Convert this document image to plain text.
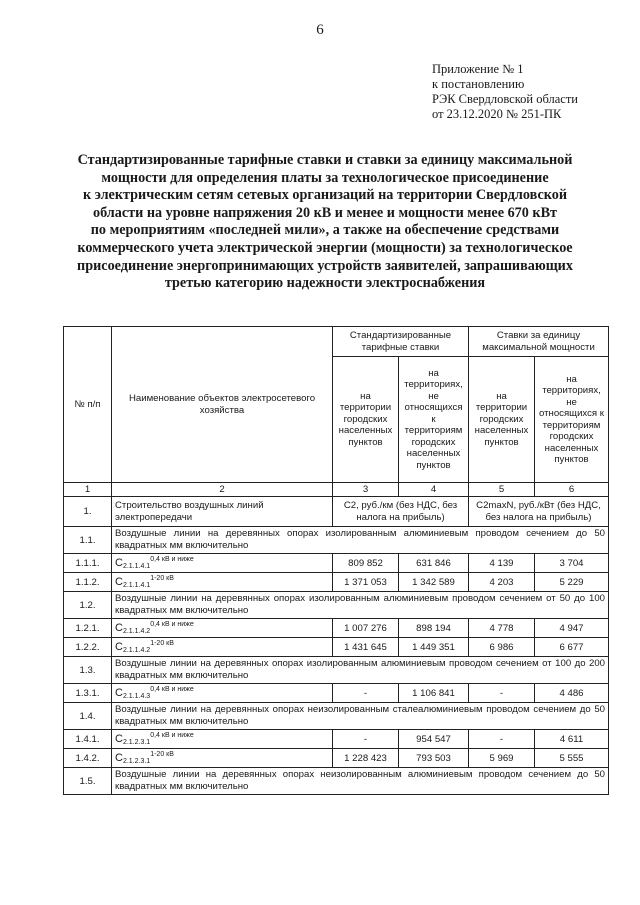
6
Приложение № 1
к постановлению
РЭК Свердловской области
от 23.12.2020 № 251-ПК
Стандартизированные тарифные ставки и ставки за единицу максимальной
мощности для определения платы за технологическое присоединение
к электрическим сетям сетевых организаций на территории Свердловской
области на уровне напряжения 20 кВ и менее и мощности менее 670 кВт
по мероприятиям «последней мили», а также на обеспечение средствами
коммерческого учета электрической энергии (мощности) за технологическое
присоединение энергопринимающих устройств заявителей, запрашивающих
третью категорию надежности электроснабжения
№ п/п	Наименование объектов электросетевого хозяйства	Стандартизированные тарифные ставки		Ставки за единицу максимальной мощности	
		на территории городских населенных пунктов	на территориях, не относящихся к территориям городских населенных пунктов	на территории городских населенных пунктов	на территориях, не относящихся к территориям городских населенных пунктов
1	2	3	4	5	6
1.	Строительство воздушных линий электропередачи	С2, руб./км (без НДС, без налога на прибыль)		С2maxN, руб./кВт (без НДС, без налога на прибыль)	
1.1.	Воздушные линии на деревянных опорах изолированным алюминиевым проводом сечением до 50 квадратных мм включительно				
1.1.1.	$С_{2.1.1.4.1}^{0,4 кВ и ниже}$	809 852	631 846	4 139	3 704
1.1.2.	$С_{2.1.1.4.1}^{1-20 кВ}$	1 371 053	1 342 589	4 203	5 229
1.2.	Воздушные линии на деревянных опорах изолированным алюминиевым проводом сечением от 50 до 100 квадратных мм включительно				
1.2.1.	$С_{2.1.1.4.2}^{0,4 кВ и ниже}$	1 007 276	898 194	4 778	4 947
1.2.2.	$С_{2.1.1.4.2}^{1-20 кВ}$	1 431 645	1 449 351	6 986	6 677
1.3.	Воздушные линии на деревянных опорах изолированным алюминиевым проводом сечением от 100 до 200 квадратных мм включительно				
1.3.1.	$С_{2.1.1.4.3}^{0,4 кВ и ниже}$	-	1 106 841	-	4 486
1.4.	Воздушные линии на деревянных опорах неизолированным сталеалюминиевым проводом сечением до 50 квадратных мм включительно				
1.4.1.	$С_{2.1.2.3.1}^{0,4 кВ и ниже}$	-	954 547	-	4 611
1.4.2.	$С_{2.1.2.3.1}^{1-20 кВ}$	1 228 423	793 503	5 969	5 555
1.5.	Воздушные линии на деревянных опорах неизолированным алюминиевым проводом сечением до 50 квадратных мм включительно				
